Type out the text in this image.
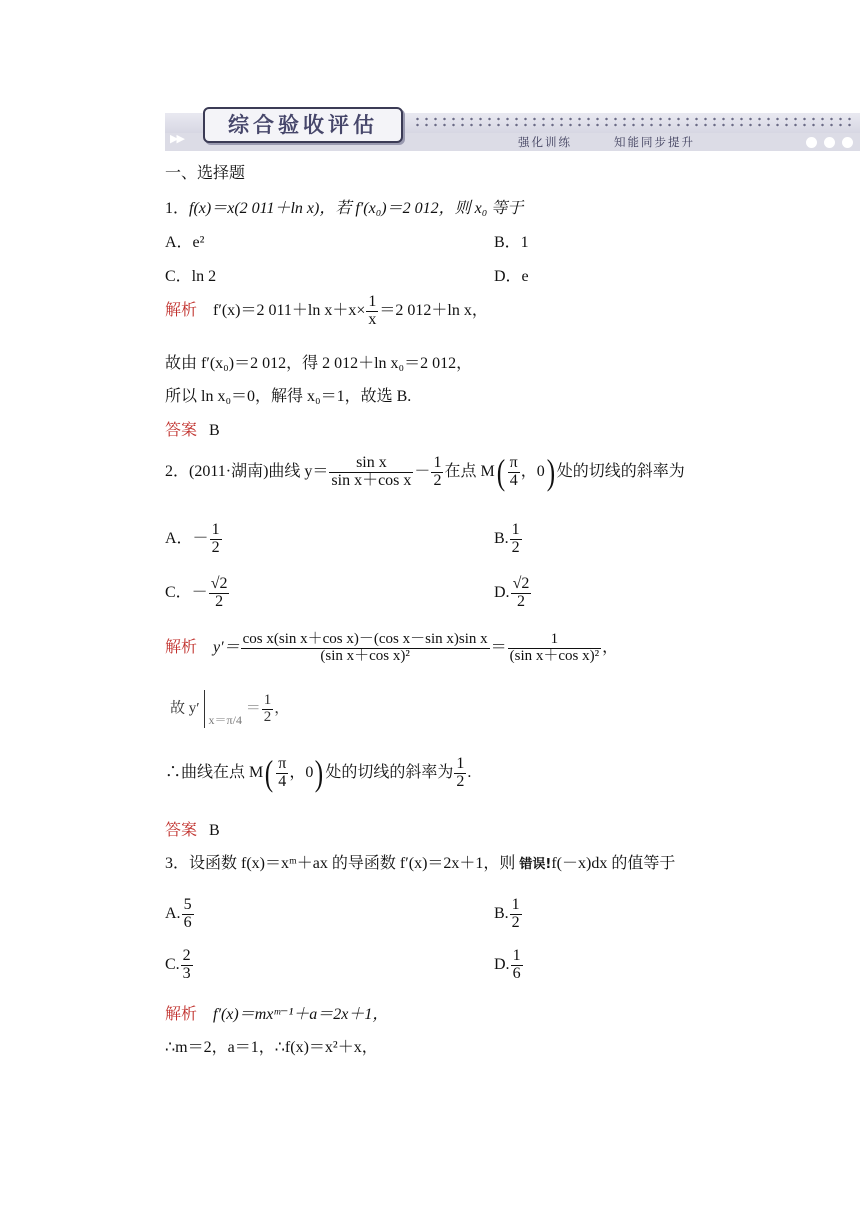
▶▶
综合验收评估
强化训练	知能同步提升
一、选择题
1．f(x)＝x(2 011＋ln x)，若 f′(x₀)＝2 012，则 x₀ 等于
A．e²	B．1
C．ln 2	D．e
解析 f′(x)＝2 011＋ln $x+x\times \frac{1}{x} =2$ 012＋ln x，
故由 f′(x₀)＝2 012，得 2 012＋ln x₀＝2 012，
所以 ln x₀＝0，解得 x₀＝1，故选 B.
答案 B
2．(2011·湖南)曲线 $y= \frac{\text{sin x}}{\text{sin x＋cos x}} - \frac{1}{2}$ 在点 $M( \frac{\pi}{4}$ ，0) 处的切线的斜率为
A．－ $\frac{1}{2}$	B. $\frac{1}{2}$
C．－ $\frac{√2}{2}$	D. $\frac{√2}{2}$
解析 $y'= \frac{\text{cos x(sin x＋cos x)－(cos x－sin x)sin x}}{\text{(sin x＋cos x)²}} = \frac{1}{\text{(sin x＋cos x)²}}$ ，
故 $y'_{x=\pi/4} = \frac{1}{2}$ ，
∴曲线在点 $M( \frac{\pi}{4}$ ，0) 处的切线的斜率为 $\frac{1}{2}$ .
答案 B
3．设函数 f(x)＝xᵐ＋ax 的导函数 f′(x)＝2x＋1，则 错误!f(－x)dx 的值等于
A. $\frac{5}{6}$	B. $\frac{1}{2}$
C. $\frac{2}{3}$	D. $\frac{1}{6}$
解析 f′(x)＝mxᵐ⁻¹＋a＝2x＋1，
∴m＝2，a＝1，∴f(x)＝x²＋x，
